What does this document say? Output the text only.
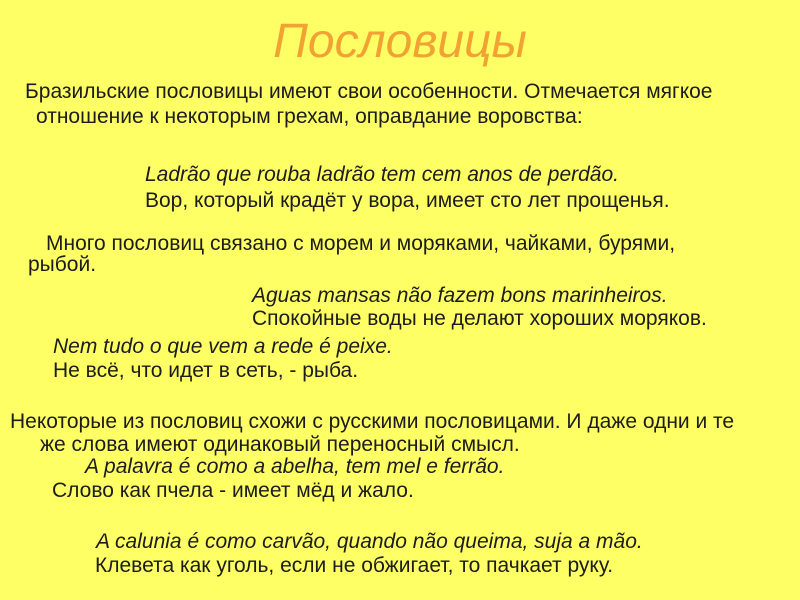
Пословицы
Бразильские пословицы имеют свои особенности. Отмечается мягкое
отношение к некоторым грехам, оправдание воровства:
Ladrão que rouba ladrão tem cem anos de perdão.
Вор, который крадёт у вора, имеет сто лет прощенья.
Много пословиц связано с морем и моряками, чайками, бурями,
рыбой.
Aguas mansas não fazem bons marinheiros.
Спокойные воды не делают хороших моряков.
Nem tudo o que vem a rede é peixe.
Не всё, что идет в сеть, - рыба.
Некоторые из пословиц схожи с русскими пословицами. И даже одни и те
же слова имеют одинаковый переносный смысл.
A palavra é como a abelha, tem mel e ferrão.
Слово как пчела - имеет мёд и жало.
A calunia é como carvão, quando não queima, suja a mão.
Клевета как уголь, если не обжигает, то пачкает руку.
